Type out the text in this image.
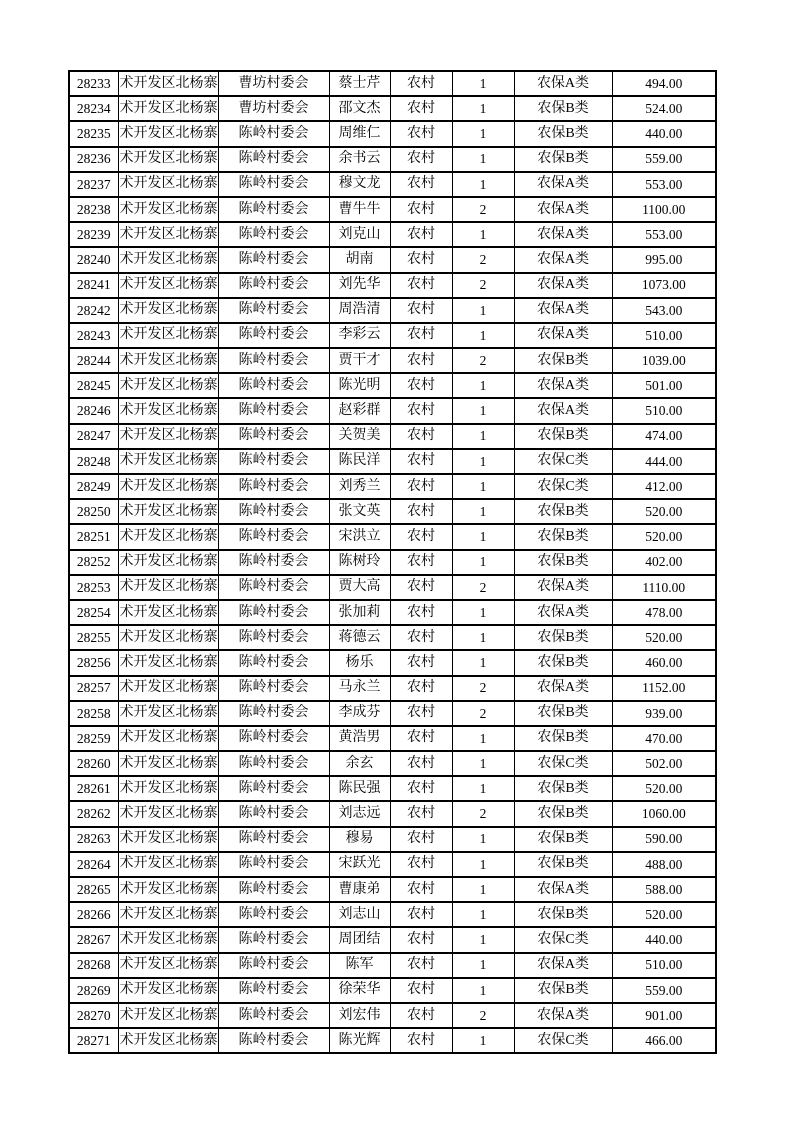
28233	术开发区北杨寨	曹坊村委会	蔡士芹	农村	1	农保A类	494.00
28234	术开发区北杨寨	曹坊村委会	邵文杰	农村	1	农保B类	524.00
28235	术开发区北杨寨	陈岭村委会	周维仁	农村	1	农保B类	440.00
28236	术开发区北杨寨	陈岭村委会	余书云	农村	1	农保B类	559.00
28237	术开发区北杨寨	陈岭村委会	穆文龙	农村	1	农保A类	553.00
28238	术开发区北杨寨	陈岭村委会	曹牛牛	农村	2	农保A类	1100.00
28239	术开发区北杨寨	陈岭村委会	刘克山	农村	1	农保A类	553.00
28240	术开发区北杨寨	陈岭村委会	胡南	农村	2	农保A类	995.00
28241	术开发区北杨寨	陈岭村委会	刘先华	农村	2	农保A类	1073.00
28242	术开发区北杨寨	陈岭村委会	周浩清	农村	1	农保A类	543.00
28243	术开发区北杨寨	陈岭村委会	李彩云	农村	1	农保A类	510.00
28244	术开发区北杨寨	陈岭村委会	贾干才	农村	2	农保B类	1039.00
28245	术开发区北杨寨	陈岭村委会	陈光明	农村	1	农保A类	501.00
28246	术开发区北杨寨	陈岭村委会	赵彩群	农村	1	农保A类	510.00
28247	术开发区北杨寨	陈岭村委会	关贺美	农村	1	农保B类	474.00
28248	术开发区北杨寨	陈岭村委会	陈民洋	农村	1	农保C类	444.00
28249	术开发区北杨寨	陈岭村委会	刘秀兰	农村	1	农保C类	412.00
28250	术开发区北杨寨	陈岭村委会	张文英	农村	1	农保B类	520.00
28251	术开发区北杨寨	陈岭村委会	宋洪立	农村	1	农保B类	520.00
28252	术开发区北杨寨	陈岭村委会	陈树玲	农村	1	农保B类	402.00
28253	术开发区北杨寨	陈岭村委会	贾大高	农村	2	农保A类	1110.00
28254	术开发区北杨寨	陈岭村委会	张加莉	农村	1	农保A类	478.00
28255	术开发区北杨寨	陈岭村委会	蒋德云	农村	1	农保B类	520.00
28256	术开发区北杨寨	陈岭村委会	杨乐	农村	1	农保B类	460.00
28257	术开发区北杨寨	陈岭村委会	马永兰	农村	2	农保A类	1152.00
28258	术开发区北杨寨	陈岭村委会	李成芬	农村	2	农保B类	939.00
28259	术开发区北杨寨	陈岭村委会	黄浩男	农村	1	农保B类	470.00
28260	术开发区北杨寨	陈岭村委会	余玄	农村	1	农保C类	502.00
28261	术开发区北杨寨	陈岭村委会	陈民强	农村	1	农保B类	520.00
28262	术开发区北杨寨	陈岭村委会	刘志远	农村	2	农保B类	1060.00
28263	术开发区北杨寨	陈岭村委会	穆易	农村	1	农保B类	590.00
28264	术开发区北杨寨	陈岭村委会	宋跃光	农村	1	农保B类	488.00
28265	术开发区北杨寨	陈岭村委会	曹康弟	农村	1	农保A类	588.00
28266	术开发区北杨寨	陈岭村委会	刘志山	农村	1	农保B类	520.00
28267	术开发区北杨寨	陈岭村委会	周团结	农村	1	农保C类	440.00
28268	术开发区北杨寨	陈岭村委会	陈军	农村	1	农保A类	510.00
28269	术开发区北杨寨	陈岭村委会	徐荣华	农村	1	农保B类	559.00
28270	术开发区北杨寨	陈岭村委会	刘宏伟	农村	2	农保A类	901.00
28271	术开发区北杨寨	陈岭村委会	陈光辉	农村	1	农保C类	466.00
